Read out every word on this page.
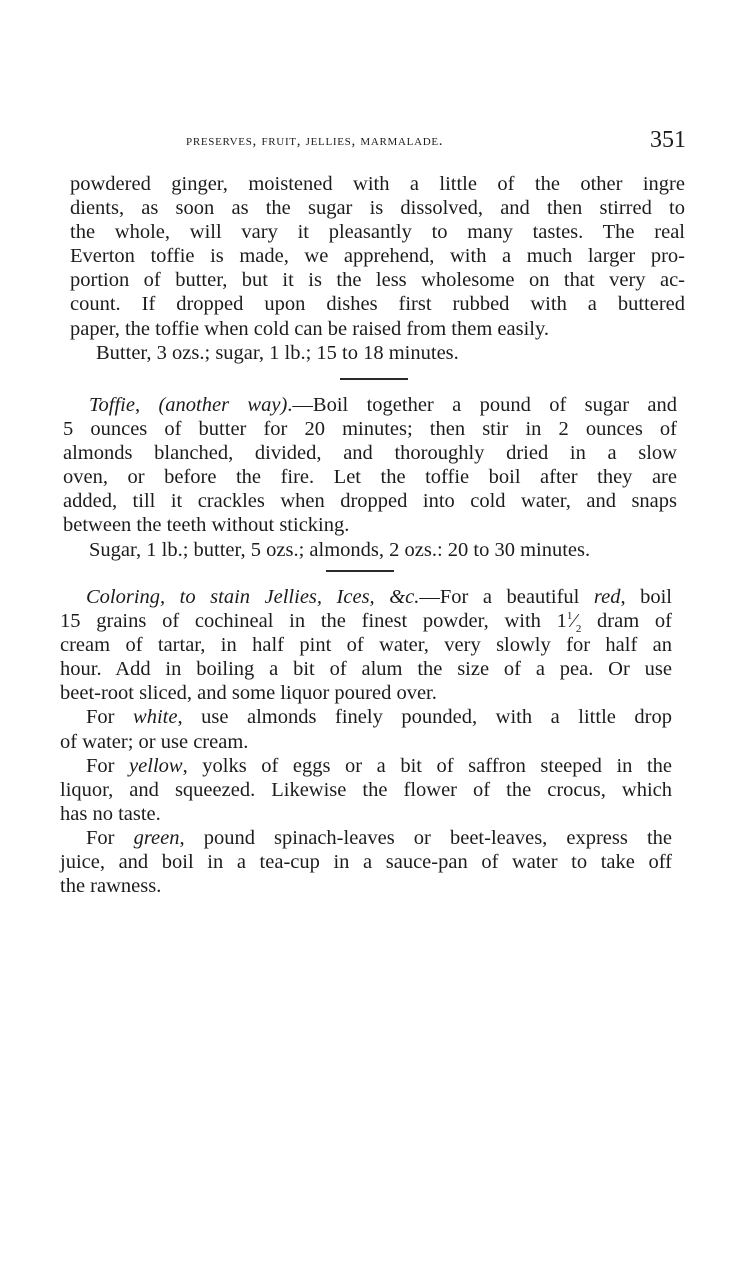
preserves, fruit, jellies, marmalade.	351
powdered ginger, moistened with a little of the other ingre
dients, as soon as the sugar is dissolved, and then stirred to
the whole, will vary it pleasantly to many tastes. The real
Everton toffie is made, we apprehend, with a much larger pro-
portion of butter, but it is the less wholesome on that very ac-
count. If dropped upon dishes first rubbed with a buttered
paper, the toffie when cold can be raised from them easily.
Butter, 3 ozs.; sugar, 1 lb.; 15 to 18 minutes.
Toffie, (another way).—Boil together a pound of sugar and
5 ounces of butter for 20 minutes; then stir in 2 ounces of
almonds blanched, divided, and thoroughly dried in a slow
oven, or before the fire. Let the toffie boil after they are
added, till it crackles when dropped into cold water, and snaps
between the teeth without sticking.
Sugar, 1 lb.; butter, 5 ozs.; almonds, 2 ozs.: 20 to 30 minutes.
Coloring, to stain Jellies, Ices, &c.—For a beautiful red, boil
15 grains of cochineal in the finest powder, with $1^1⁄_2$ dram of
cream of tartar, in half pint of water, very slowly for half an
hour. Add in boiling a bit of alum the size of a pea. Or use
beet-root sliced, and some liquor poured over.
For white, use almonds finely pounded, with a little drop
of water; or use cream.
For yellow, yolks of eggs or a bit of saffron steeped in the
liquor, and squeezed. Likewise the flower of the crocus, which
has no taste.
For green, pound spinach-leaves or beet-leaves, express the
juice, and boil in a tea-cup in a sauce-pan of water to take off
the rawness.
